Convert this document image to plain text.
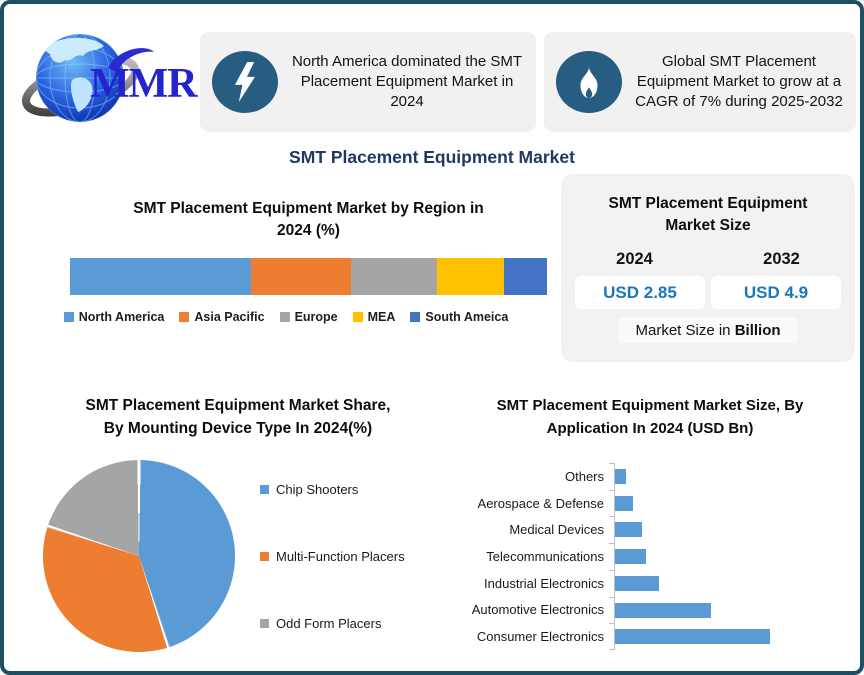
MMR	North America dominated the SMT Placement Equipment Market in 2024
Global SMT Placement Equipment Market to grow at a CAGR of 7% during 2025-2032
SMT Placement Equipment Market
SMT Placement Equipment Market by Region in
2024 (%)
North America Asia Pacific Europe MEA South Ameica
SMT Placement Equipment
Market Size
2024	2032
USD 2.85	USD 4.9
Market Size in Billion
SMT Placement Equipment Market Share,
By Mounting Device Type In 2024(%)
SMT Placement Equipment Market Size, By
Application In 2024 (USD Bn)
Others
Aerospace & Defense
Medical Devices
Telecommunications
Industrial Electronics
Automotive Electronics
Consumer Electronics
Chip Shooters
Multi-Function Placers
Odd Form Placers
